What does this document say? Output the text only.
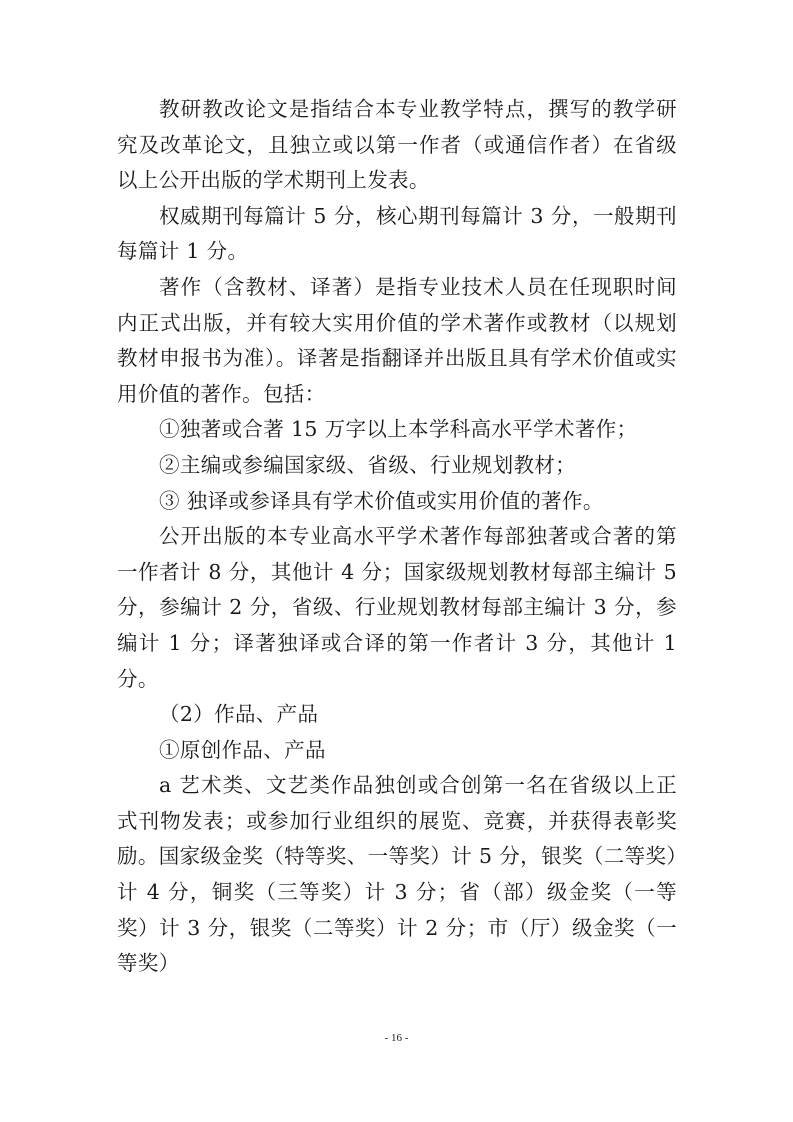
教研教改论文是指结合本专业教学特点，撰写的教学研究及改革论文，且独立或以第一作者（或通信作者）在省级以上公开出版的学术期刊上发表。

权威期刊每篇计 5 分，核心期刊每篇计 3 分，一般期刊每篇计 1 分。

著作（含教材、译著）是指专业技术人员在任现职时间内正式出版，并有较大实用价值的学术著作或教材（以规划教材申报书为准）。译著是指翻译并出版且具有学术价值或实用价值的著作。包括：

①独著或合著 15 万字以上本学科高水平学术著作；

②主编或参编国家级、省级、行业规划教材；

③ 独译或参译具有学术价值或实用价值的著作。

公开出版的本专业高水平学术著作每部独著或合著的第一作者计 8 分，其他计 4 分；国家级规划教材每部主编计 5 分，参编计 2 分，省级、行业规划教材每部主编计 3 分，参编计 1 分；译著独译或合译的第一作者计 3 分，其他计 1 分。

（2）作品、产品

①原创作品、产品

a 艺术类、文艺类作品独创或合创第一名在省级以上正式刊物发表；或参加行业组织的展览、竞赛，并获得表彰奖励。国家级金奖（特等奖、一等奖）计 5 分，银奖（二等奖）计 4 分，铜奖（三等奖）计 3 分；省（部）级金奖（一等奖）计 3 分，银奖（二等奖）计 2 分；市（厅）级金奖（一等奖）

- 16 -
